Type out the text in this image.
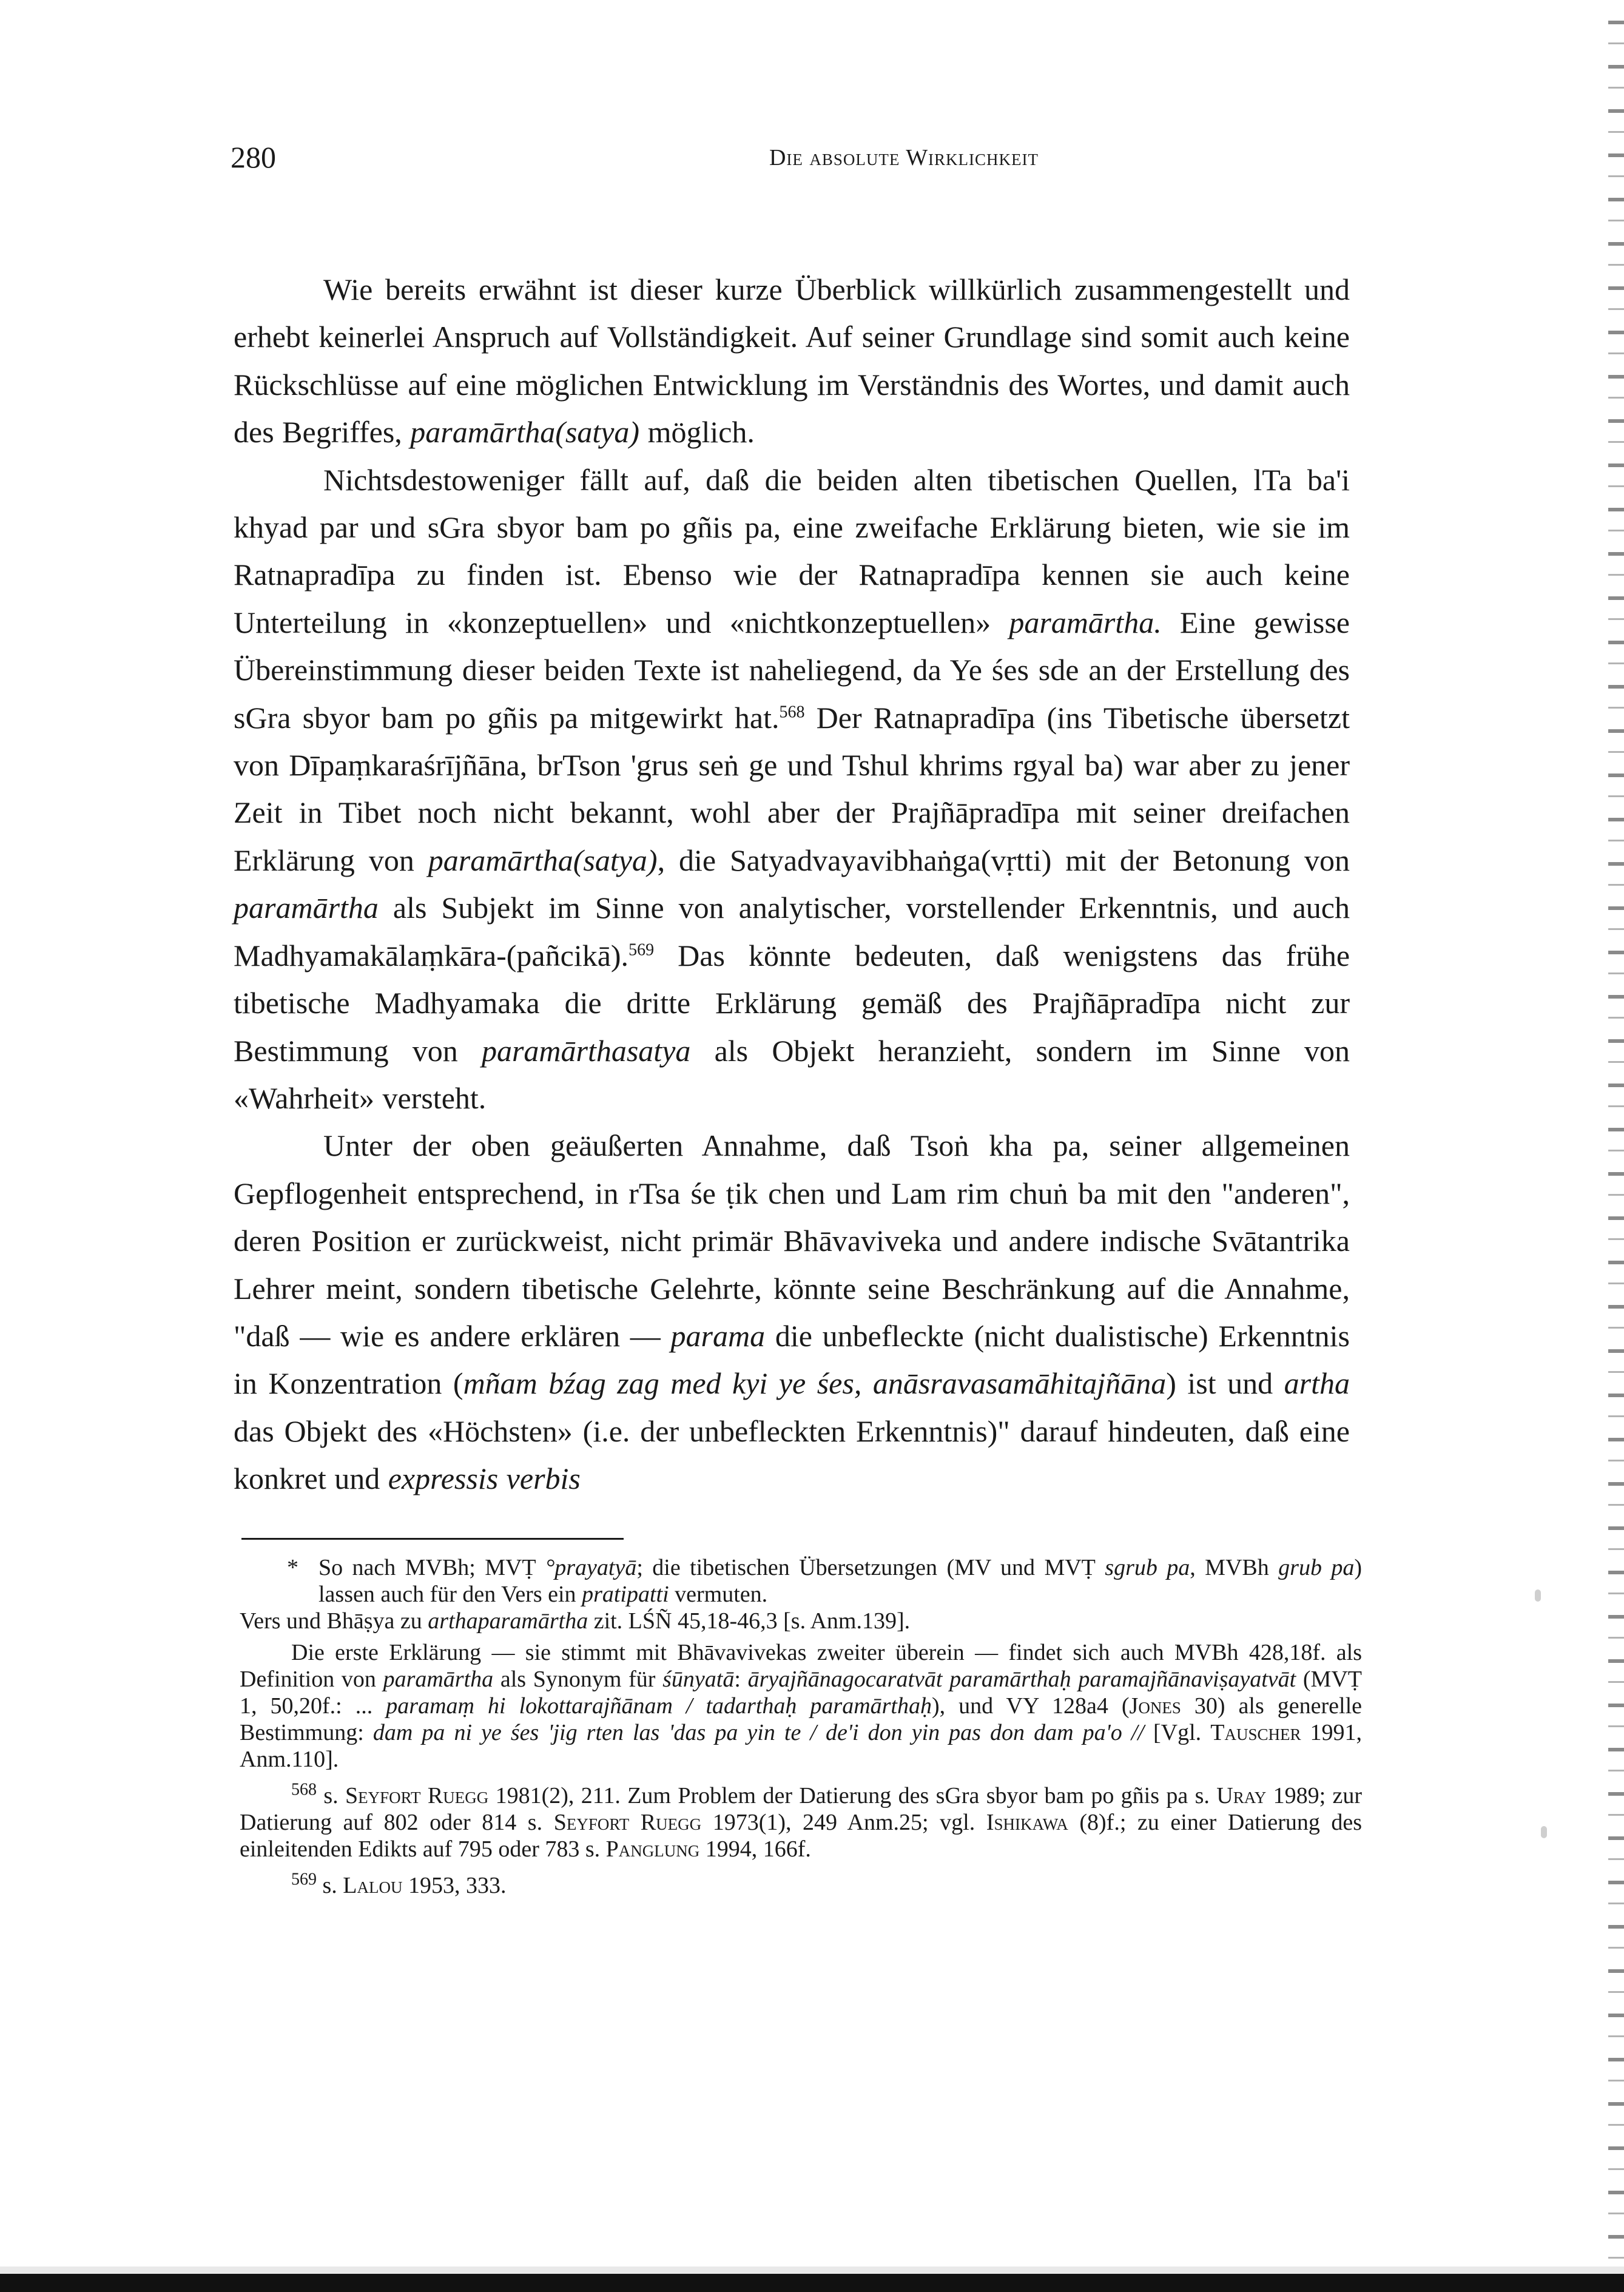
280	Die absolute Wirklichkeit

Wie bereits erwähnt ist dieser kurze Überblick willkürlich zusammengestellt und erhebt keinerlei Anspruch auf Vollständigkeit. Auf seiner Grundlage sind somit auch keine Rückschlüsse auf eine möglichen Entwicklung im Verständnis des Wortes, und damit auch des Begriffes, paramārtha(satya) möglich.

Nichtsdestoweniger fällt auf, daß die beiden alten tibetischen Quellen, lTa ba'i khyad par und sGra sbyor bam po gñis pa, eine zweifache Erklärung bieten, wie sie im Ratnapradīpa zu finden ist. Ebenso wie der Ratnapradīpa kennen sie auch keine Unterteilung in «konzeptuellen» und «nichtkonzeptuellen» paramārtha. Eine gewisse Übereinstimmung dieser beiden Texte ist naheliegend, da Ye śes sde an der Erstellung des sGra sbyor bam po gñis pa mitgewirkt hat.$^{568}$ Der Ratnapradīpa (ins Tibetische übersetzt von Dīpaṃkaraśrījñāna, brTson 'grus seṅ ge und Tshul khrims rgyal ba) war aber zu jener Zeit in Tibet noch nicht bekannt, wohl aber der Prajñāpradīpa mit seiner dreifachen Erklärung von paramārtha(satya), die Satyadvayavibhaṅga(vṛtti) mit der Betonung von paramārtha als Subjekt im Sinne von analytischer, vorstellender Erkenntnis, und auch Madhyamakālaṃkāra-(pañcikā).$^{569}$ Das könnte bedeuten, daß wenigstens das frühe tibetische Madhyamaka die dritte Erklärung gemäß des Prajñāpradīpa nicht zur Bestimmung von paramārthasatya als Objekt heranzieht, sondern im Sinne von «Wahrheit» versteht.

Unter der oben geäußerten Annahme, daß Tsoṅ kha pa, seiner allgemeinen Gepflogenheit entsprechend, in rTsa śe ṭik chen und Lam rim chuṅ ba mit den "anderen", deren Position er zurückweist, nicht primär Bhāvaviveka und andere indische Svātantrika Lehrer meint, sondern tibetische Gelehrte, könnte seine Beschränkung auf die Annahme, "daß — wie es andere erklären — parama die unbefleckte (nicht dualistische) Erkenntnis in Konzentration (mñam bźag zag med kyi ye śes, anāsravasamāhitajñāna) ist und artha das Objekt des «Höchsten» (i.e. der unbefleckten Erkenntnis)" darauf hindeuten, daß eine konkret und expressis verbis

* So nach MVBh; MVṬ °prayatyā; die tibetischen Übersetzungen (MV und MVṬ sgrub pa, MVBh grub pa) lassen auch für den Vers ein pratipatti vermuten.

Vers und Bhāṣya zu arthaparamārtha zit. LŚÑ 45,18-46,3 [s. Anm.139].

Die erste Erklärung — sie stimmt mit Bhāvavivekas zweiter überein — findet sich auch MVBh 428,18f. als Definition von paramārtha als Synonym für śūnyatā: āryajñānagocaratvāt paramārthaḥ paramajñānaviṣayatvāt (MVṬ 1, 50,20f.: ... paramaṃ hi lokottarajñānam / tadarthaḥ paramārthaḥ), und VY 128a4 (Jones 30) als generelle Bestimmung: dam pa ni ye śes 'jig rten las 'das pa yin te / de'i don yin pas don dam pa'o // [Vgl. Tauscher 1991, Anm.110].

$^{568}$ s. Seyfort Ruegg 1981(2), 211. Zum Problem der Datierung des sGra sbyor bam po gñis pa s. Uray 1989; zur Datierung auf 802 oder 814 s. Seyfort Ruegg 1973(1), 249 Anm.25; vgl. Ishikawa (8)f.; zu einer Datierung des einleitenden Edikts auf 795 oder 783 s. Panglung 1994, 166f.

$^{569}$ s. Lalou 1953, 333.
